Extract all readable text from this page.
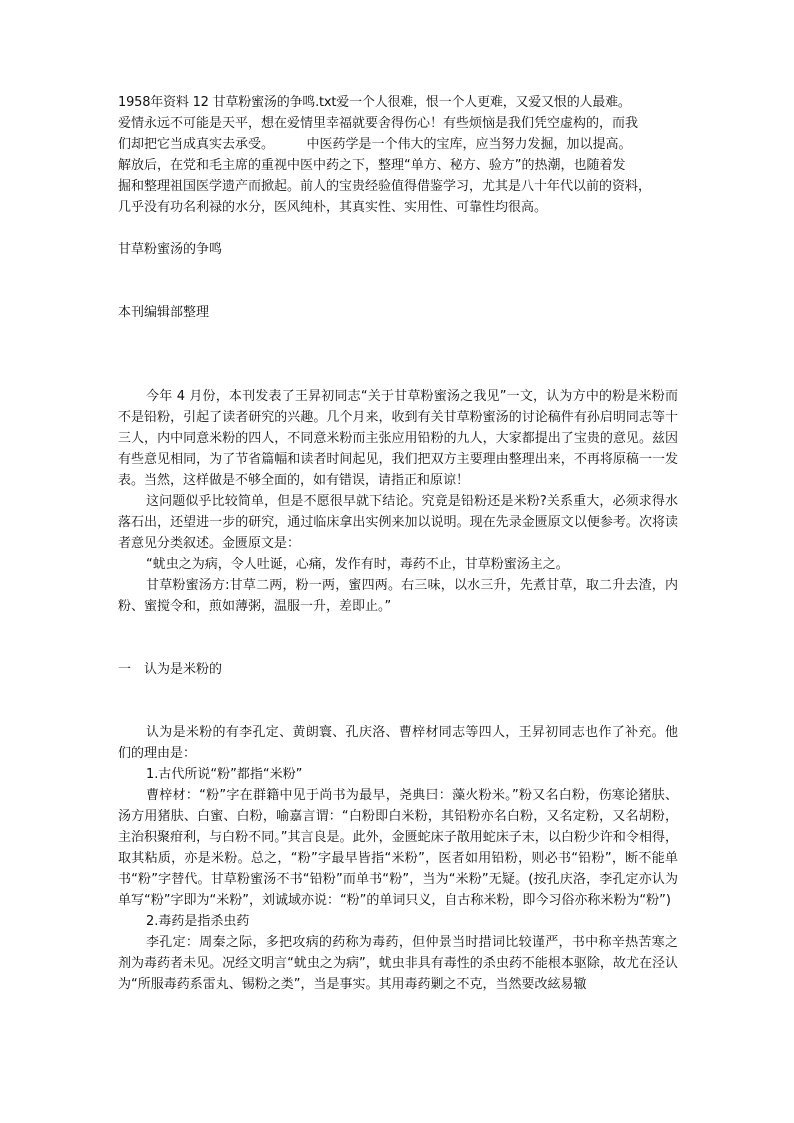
1958年资料 12 甘草粉蜜汤的争鸣.txt爱一个人很难，恨一个人更难，又爱又恨的人最难。

爱情永远不可能是天平，想在爱情里幸福就要舍得伤心！有些烦恼是我们凭空虚构的，而我

们却把它当成真实去承受。　　　中医药学是一个伟大的宝库，应当努力发掘，加以提高。

解放后，在党和毛主席的重视中医中药之下，整理“单方、秘方、验方”的热潮，也随着发

掘和整理祖国医学遗产而掀起。前人的宝贵经验值得借鉴学习，尤其是八十年代以前的资料，

几乎没有功名利禄的水分，医风纯朴，其真实性、实用性、可靠性均很高。

甘草粉蜜汤的争鸣

本刊编辑部整理

今年 4 月份，本刊发表了王昇初同志“关于甘草粉蜜汤之我见”一文，认为方中的粉是米粉而不是铅粉，引起了读者研究的兴趣。几个月来，收到有关甘草粉蜜汤的讨论稿件有孙启明同志等十三人，内中同意米粉的四人，不同意米粉而主张应用铅粉的九人，大家都提出了宝贵的意见。兹因有些意见相同，为了节省篇幅和读者时间起见，我们把双方主要理由整理出来，不再将原稿一一发表。当然，这样做是不够全面的，如有错误，请指正和原谅！

这问题似乎比较简单，但是不愿很早就下结论。究竟是铅粉还是米粉?关系重大，必须求得水落石出，还望进一步的研究，通过临床拿出实例来加以说明。现在先录金匮原文以便参考。次将读者意见分类叙述。金匮原文是：

“蚘虫之为病，令人吐诞，心痛，发作有时，毒药不止，甘草粉蜜汤主之。

甘草粉蜜汤方:甘草二两，粉一两，蜜四两。右三味，以水三升，先煮甘草，取二升去渣，内粉、蜜搅令和，煎如薄粥，温服一升，差即止。”

一　认为是米粉的

认为是米粉的有李孔定、黄朗寰、孔庆洛、曹梓材同志等四人，王昇初同志也作了补充。他们的理由是：

1.古代所说“粉”都指“米粉”

曹梓材：“粉”字在群籍中见于尚书为最早，尧典曰：藻火粉米。”粉又名白粉，伤寒论猪肤、汤方用猪肤、白蜜、白粉，喻嘉言谓：“白粉即白米粉，其铅粉亦名白粉，又名定粉，又名胡粉，主治积聚疳利，与白粉不同。”其言良是。此外，金匮蛇床子散用蛇床子末，以白粉少许和令相得，取其粘质，亦是米粉。总之，“粉”字最早皆指“米粉”，医者如用铅粉，则必书“铅粉”，断不能单书“粉”字替代。甘草粉蜜汤不书“铅粉”而单书“粉”，当为“米粉”无疑。(按孔庆洛，李孔定亦认为单写“粉”字即为“米粉”，刘诚域亦说：“粉”的单词只义，自古称米粉，即今习俗亦称米粉为“粉”)

2.毒药是指杀虫药

李孔定：周秦之际，多把攻病的药称为毒药，但仲景当时措词比较谨严，书中称辛热苦寒之剂为毒药者未见。况经文明言“蚘虫之为病”，蚘虫非具有毒性的杀虫药不能根本驱除，故尤在泾认为“所服毒药系雷丸、锡粉之类”，当是事实。其用毒药剿之不克，当然要改絃易辙
